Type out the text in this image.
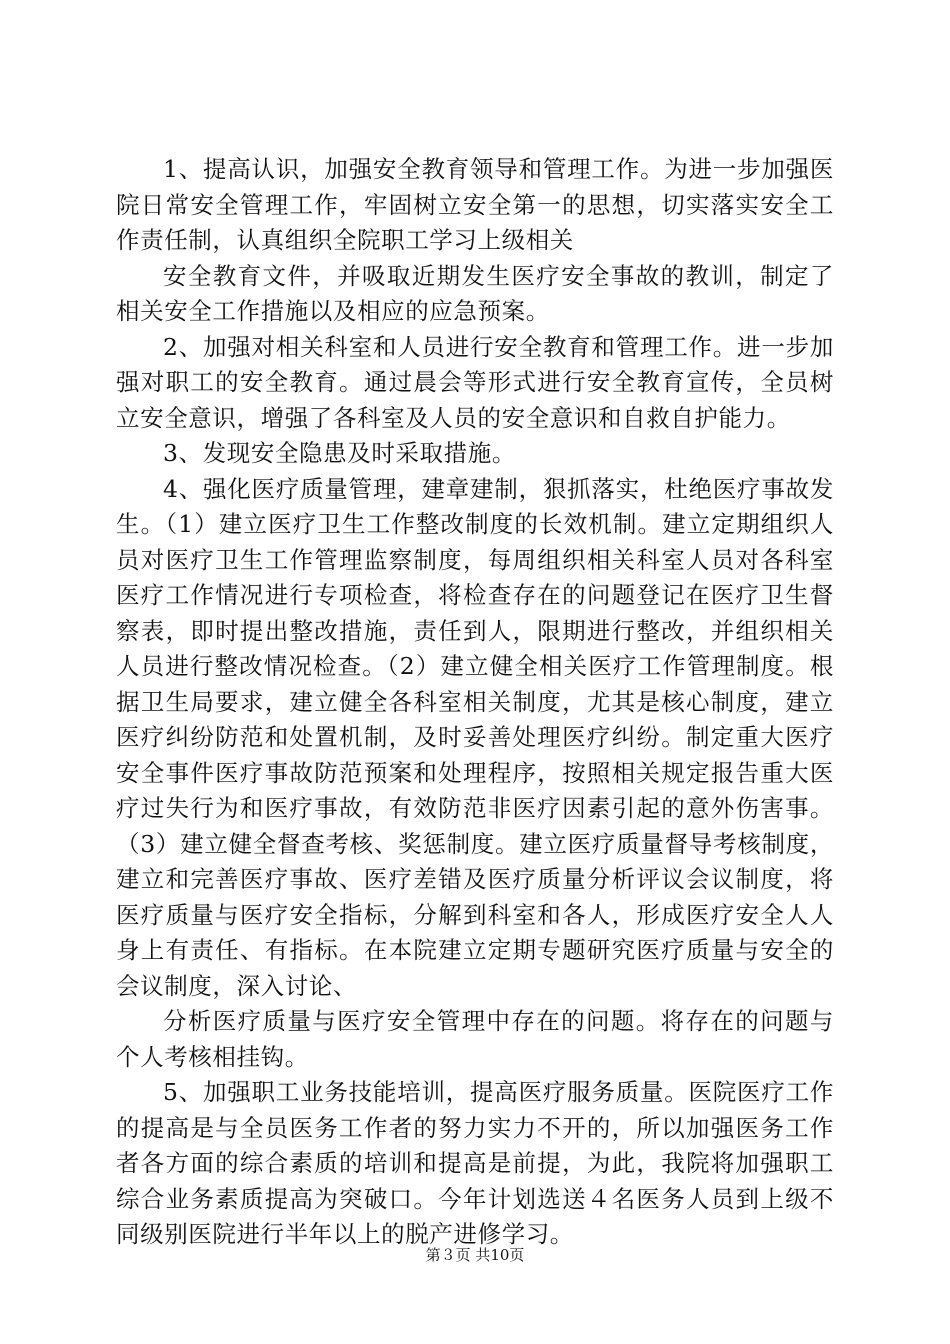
1、提高认识，加强安全教育领导和管理工作。为进一步加强医院日常安全管理工作，牢固树立安全第一的思想，切实落实安全工作责任制，认真组织全院职工学习上级相关

安全教育文件，并吸取近期发生医疗安全事故的教训，制定了相关安全工作措施以及相应的应急预案。

2、加强对相关科室和人员进行安全教育和管理工作。进一步加强对职工的安全教育。通过晨会等形式进行安全教育宣传，全员树立安全意识，增强了各科室及人员的安全意识和自救自护能力。

3、发现安全隐患及时采取措施。

4、强化医疗质量管理，建章建制，狠抓落实，杜绝医疗事故发生。（1）建立医疗卫生工作整改制度的长效机制。建立定期组织人员对医疗卫生工作管理监察制度，每周组织相关科室人员对各科室医疗工作情况进行专项检查，将检查存在的问题登记在医疗卫生督察表，即时提出整改措施，责任到人，限期进行整改，并组织相关人员进行整改情况检查。（2）建立健全相关医疗工作管理制度。根据卫生局要求，建立健全各科室相关制度，尤其是核心制度，建立医疗纠纷防范和处置机制，及时妥善处理医疗纠纷。制定重大医疗安全事件医疗事故防范预案和处理程序，按照相关规定报告重大医疗过失行为和医疗事故，有效防范非医疗因素引起的意外伤害事。（3）建立健全督查考核、奖惩制度。建立医疗质量督导考核制度，建立和完善医疗事故、医疗差错及医疗质量分析评议会议制度，将医疗质量与医疗安全指标，分解到科室和各人，形成医疗安全人人身上有责任、有指标。在本院建立定期专题研究医疗质量与安全的会议制度，深入讨论、

分析医疗质量与医疗安全管理中存在的问题。将存在的问题与个人考核相挂钩。

5、加强职工业务技能培训，提高医疗服务质量。医院医疗工作的提高是与全员医务工作者的努力实力不开的，所以加强医务工作者各方面的综合素质的培训和提高是前提，为此，我院将加强职工综合业务素质提高为突破口。今年计划选送４名医务人员到上级不同级别医院进行半年以上的脱产进修学习。

第３页 共10页
